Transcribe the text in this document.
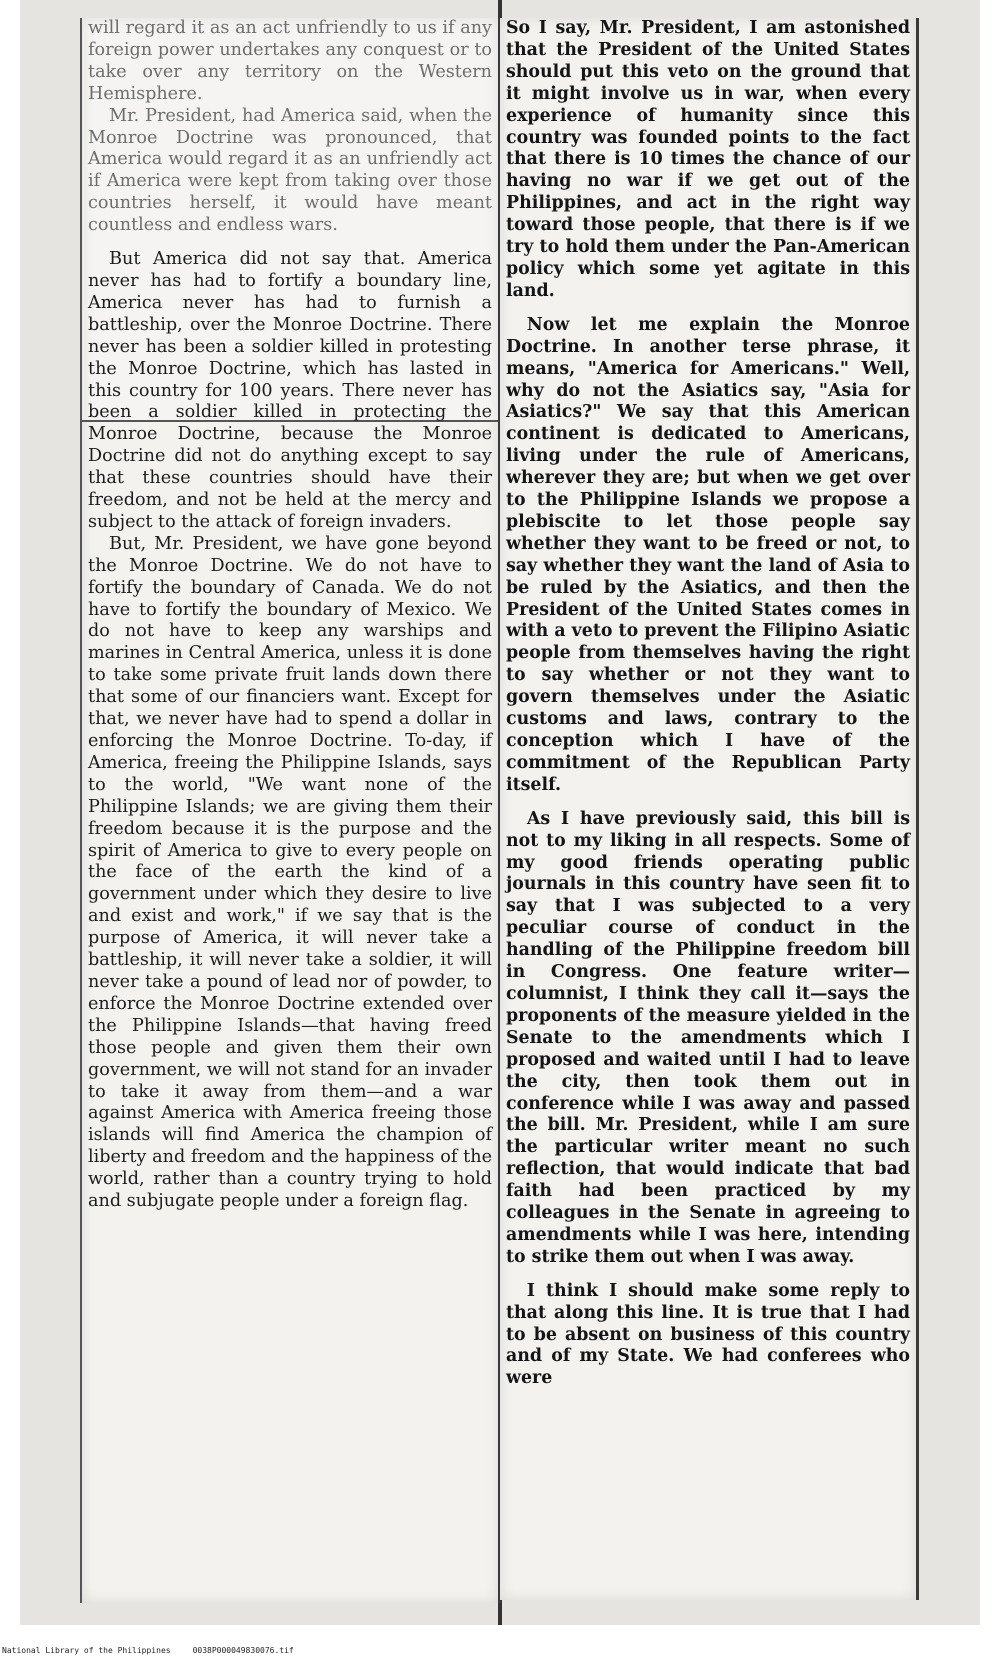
will regard it as an act unfriendly to us if any foreign power undertakes any conquest or to take over any territory on the Western Hemisphere.

Mr. President, had America said, when the Monroe Doctrine was pronounced, that America would regard it as an unfriendly act if America were kept from taking over those countries herself, it would have meant countless and endless wars.

But America did not say that. America never has had to fortify a boundary line, America never has had to furnish a battleship, over the Monroe Doctrine. There never has been a soldier killed in protesting the Monroe Doctrine, which has lasted in this country for 100 years. There never has been a soldier killed in protecting the Monroe Doctrine, because the Monroe Doctrine did not do anything except to say that these countries should have their freedom, and not be held at the mercy and subject to the attack of foreign invaders.

But, Mr. President, we have gone beyond the Monroe Doctrine. We do not have to fortify the boundary of Canada. We do not have to fortify the boundary of Mexico. We do not have to keep any warships and marines in Central America, unless it is done to take some private fruit lands down there that some of our financiers want. Except for that, we never have had to spend a dollar in enforcing the Monroe Doctrine. To-day, if America, freeing the Philippine Islands, says to the world, "We want none of the Philippine Islands; we are giving them their freedom because it is the purpose and the spirit of America to give to every people on the face of the earth the kind of a government under which they desire to live and exist and work," if we say that is the purpose of America, it will never take a battleship, it will never take a soldier, it will never take a pound of lead nor of powder, to enforce the Monroe Doctrine extended over the Philippine Islands—that having freed those people and given them their own government, we will not stand for an invader to take it away from them—and a war against America with America freeing those islands will find America the champion of liberty and freedom and the happiness of the world, rather than a country trying to hold and subjugate people under a foreign flag.

So I say, Mr. President, I am astonished that the President of the United States should put this veto on the ground that it might involve us in war, when every experience of humanity since this country was founded points to the fact that there is 10 times the chance of our having no war if we get out of the Philippines, and act in the right way toward those people, that there is if we try to hold them under the Pan-American policy which some yet agitate in this land.

Now let me explain the Monroe Doctrine. In another terse phrase, it means, "America for Americans." Well, why do not the Asiatics say, "Asia for Asiatics?" We say that this American continent is dedicated to Americans, living under the rule of Americans, wherever they are; but when we get over to the Philippine Islands we propose a plebiscite to let those people say whether they want to be freed or not, to say whether they want the land of Asia to be ruled by the Asiatics, and then the President of the United States comes in with a veto to prevent the Filipino Asiatic people from themselves having the right to say whether or not they want to govern themselves under the Asiatic customs and laws, contrary to the conception which I have of the commitment of the Republican Party itself.

As I have previously said, this bill is not to my liking in all respects. Some of my good friends operating public journals in this country have seen fit to say that I was subjected to a very peculiar course of conduct in the handling of the Philippine freedom bill in Congress. One feature writer—columnist, I think they call it—says the proponents of the measure yielded in the Senate to the amendments which I proposed and waited until I had to leave the city, then took them out in conference while I was away and passed the bill. Mr. President, while I am sure the particular writer meant no such reflection, that would indicate that bad faith had been practiced by my colleagues in the Senate in agreeing to amendments while I was here, intending to strike them out when I was away.

I think I should make some reply to that along this line. It is true that I had to be absent on business of this country and of my State. We had conferees who were

National Library of the Philippines	0038P000049830076.tif
